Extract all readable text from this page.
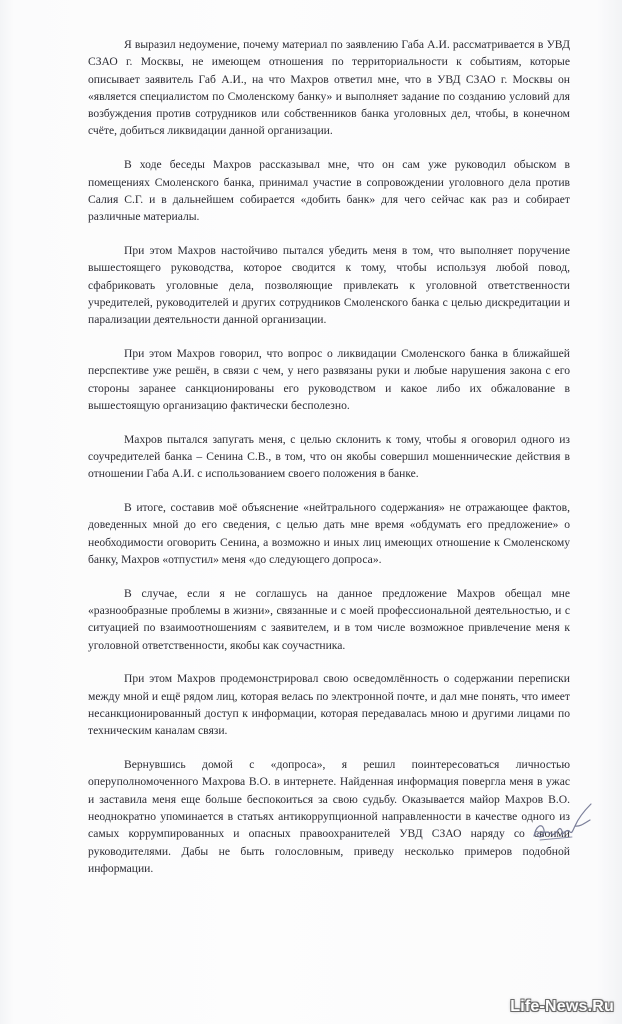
Я выразил недоумение, почему материал по заявлению Габа А.И. рассматривается в УВД СЗАО г. Москвы, не имеющем отношения по территориальности к событиям, которые описывает заявитель Габ А.И., на что Махров ответил мне, что в УВД СЗАО г. Москвы он «является специалистом по Смоленскому банку» и выполняет задание по созданию условий для возбуждения против сотрудников или собственников банка уголовных дел, чтобы, в конечном счёте, добиться ликвидации данной организации.

В ходе беседы Махров рассказывал мне, что он сам уже руководил обыском в помещениях Смоленского банка, принимал участие в сопровождении уголовного дела против Салия С.Г. и в дальнейшем собирается «добить банк» для чего сейчас как раз и собирает различные материалы.

При этом Махров настойчиво пытался убедить меня в том, что выполняет поручение вышестоящего руководства, которое сводится к тому, чтобы используя любой повод, сфабриковать уголовные дела, позволяющие привлекать к уголовной ответственности учредителей, руководителей и других сотрудников Смоленского банка с целью дискредитации и парализации деятельности данной организации.

При этом Махров говорил, что вопрос о ликвидации Смоленского банка в ближайшей перспективе уже решён, в связи с чем, у него развязаны руки и любые нарушения закона с его стороны заранее санкционированы его руководством и какое либо их обжалование в вышестоящую организацию фактически бесполезно.

Махров пытался запугать меня, с целью склонить к тому, чтобы я оговорил одного из соучредителей банка – Сенина С.В., в том, что он якобы совершил мошеннические действия в отношении Габа А.И. с использованием своего положения в банке.

В итоге, составив моё объяснение «нейтрального содержания» не отражающее фактов, доведенных мной до его сведения, с целью дать мне время «обдумать его предложение» о необходимости оговорить Сенина, а возможно и иных лиц имеющих отношение к Смоленскому банку, Махров «отпустил» меня «до следующего допроса».

В случае, если я не соглашусь на данное предложение Махров обещал мне «разнообразные проблемы в жизни», связанные и с моей профессиональной деятельностью, и с ситуацией по взаимоотношениям с заявителем, и в том числе возможное привлечение меня к уголовной ответственности, якобы как соучастника.

При этом Махров продемонстрировал свою осведомлённость о содержании переписки между мной и ещё рядом лиц, которая велась по электронной почте, и дал мне понять, что имеет несанкционированный доступ к информации, которая передавалась мною и другими лицами по техническим каналам связи.

Вернувшись домой с «допроса», я решил поинтересоваться личностью оперуполномоченного Махрова В.О. в интернете. Найденная информация повергла меня в ужас и заставила меня еще больше беспокоиться за свою судьбу. Оказывается майор Махров В.О. неоднократно упоминается в статьях антикоррупционной направленности в качестве одного из самых коррумпированных и опасных правоохранителей УВД СЗАО наряду со своими руководителями. Дабы не быть голословным, приведу несколько примеров подобной информации.

Life-News.Ru
